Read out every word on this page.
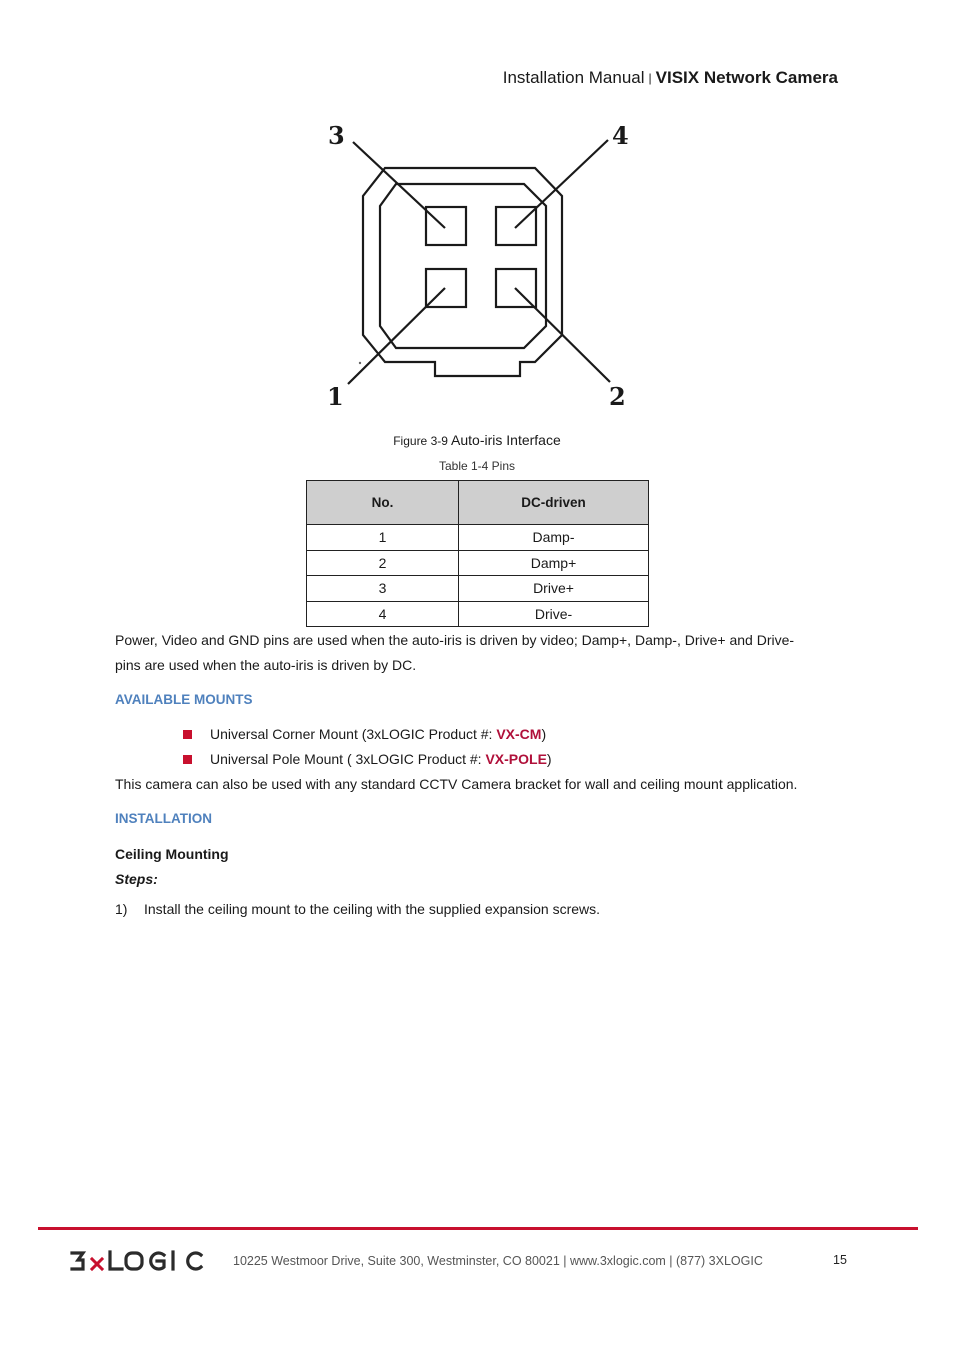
Installation Manual | VISIX Network Camera
3	4
1	2
Figure 3-9 Auto-iris Interface
Table 1-4 Pins
No.	DC-driven
1	Damp-
2	Damp+
3	Drive+
4	Drive-
Power, Video and GND pins are used when the auto-iris is driven by video; Damp+, Damp-, Drive+ and Drive-
pins are used when the auto-iris is driven by DC.
AVAILABLE MOUNTS
Universal Corner Mount (3xLOGIC Product #: VX-CM)
Universal Pole Mount ( 3xLOGIC Product #: VX-POLE)
This camera can also be used with any standard CCTV Camera bracket for wall and ceiling mount application.
INSTALLATION
Ceiling Mounting
Steps:
1) Install the ceiling mount to the ceiling with the supplied expansion screws.
10225 Westmoor Drive, Suite 300, Westminster, CO 80021 | www.3xlogic.com | (877) 3XLOGIC	15
